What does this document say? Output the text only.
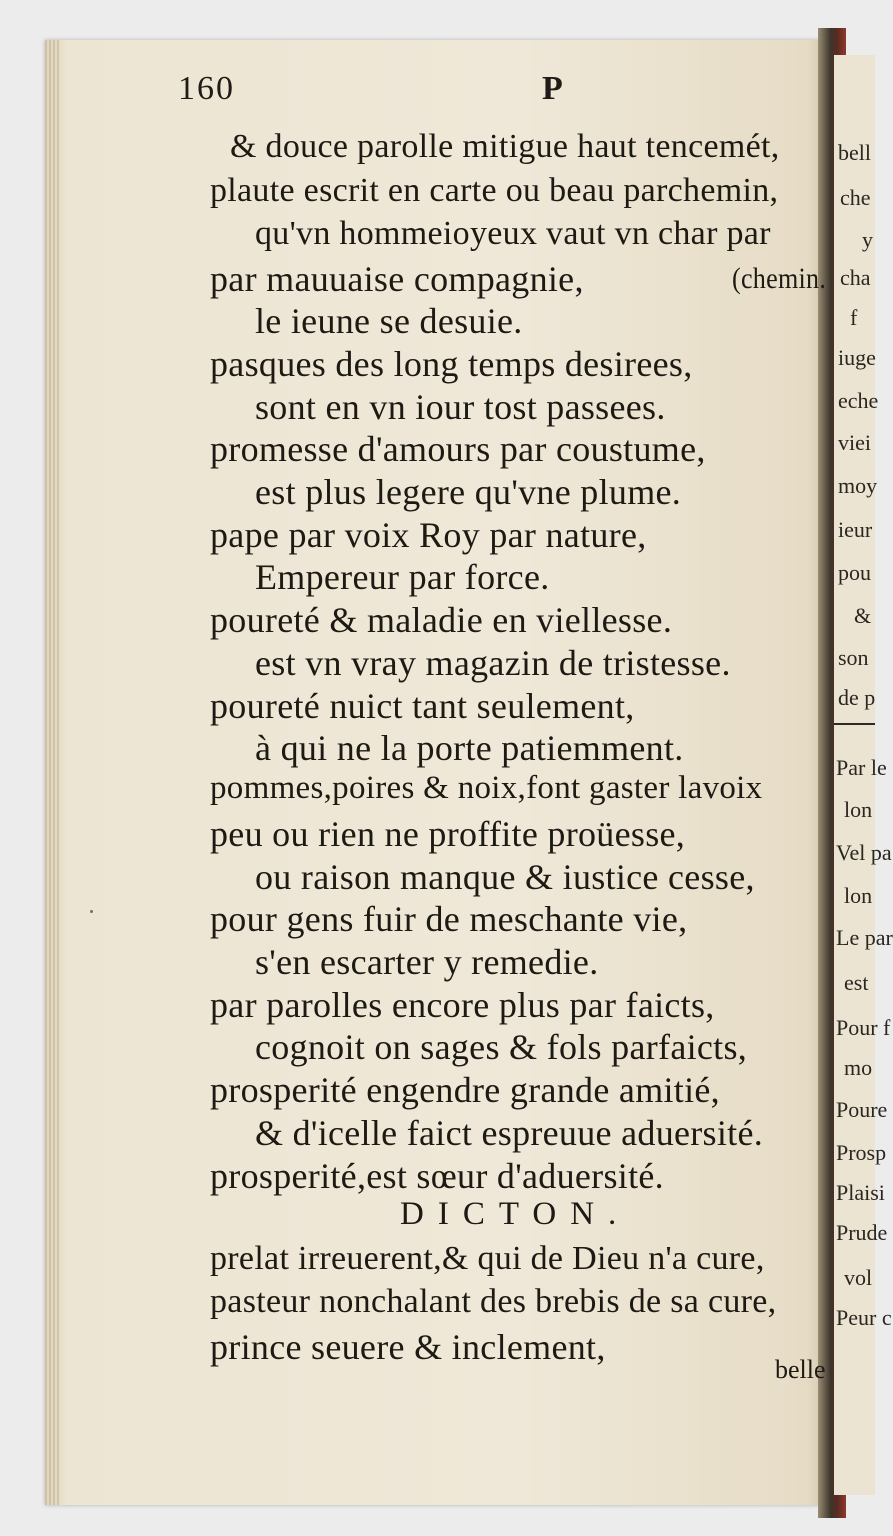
bell
che
y
cha
f
iuge
eche
viei
moy
ieur
pou
&
son
de p
Par le
lon
Vel pa
lon
Le par
est
Pour f
mo
Poure
Prosp
Plaisi
Prude
vol
Peur c
160	P
& douce parolle mitigue haut tencemét,
plaute escrit en carte ou beau parchemin,
qu'vn hommeioyeux vaut vn char par
par mauuaise compagnie,	(chemin.
le ieune se desuie.
pasques des long temps desirees,
sont en vn iour tost passees.
promesse d'amours par coustume,
est plus legere qu'vne plume.
pape par voix Roy par nature,
Empereur par force.
poureté & maladie en viellesse.
est vn vray magazin de tristesse.
poureté nuict tant seulement,
à qui ne la porte patiemment.
pommes,poires & noix,font gaster lavoix
peu ou rien ne proffite proüesse,
ou raison manque & iustice cesse,
pour gens fuir de meschante vie,
s'en escarter y remedie.
par parolles encore plus par faicts,
cognoit on sages & fols parfaicts,
prosperité engendre grande amitié,
& d'icelle faict espreuue aduersité.
prosperité,est sœur d'aduersité.
DICTON.
prelat irreuerent,& qui de Dieu n'a cure,
pasteur nonchalant des brebis de sa cure,
prince seuere & inclement,
belle
